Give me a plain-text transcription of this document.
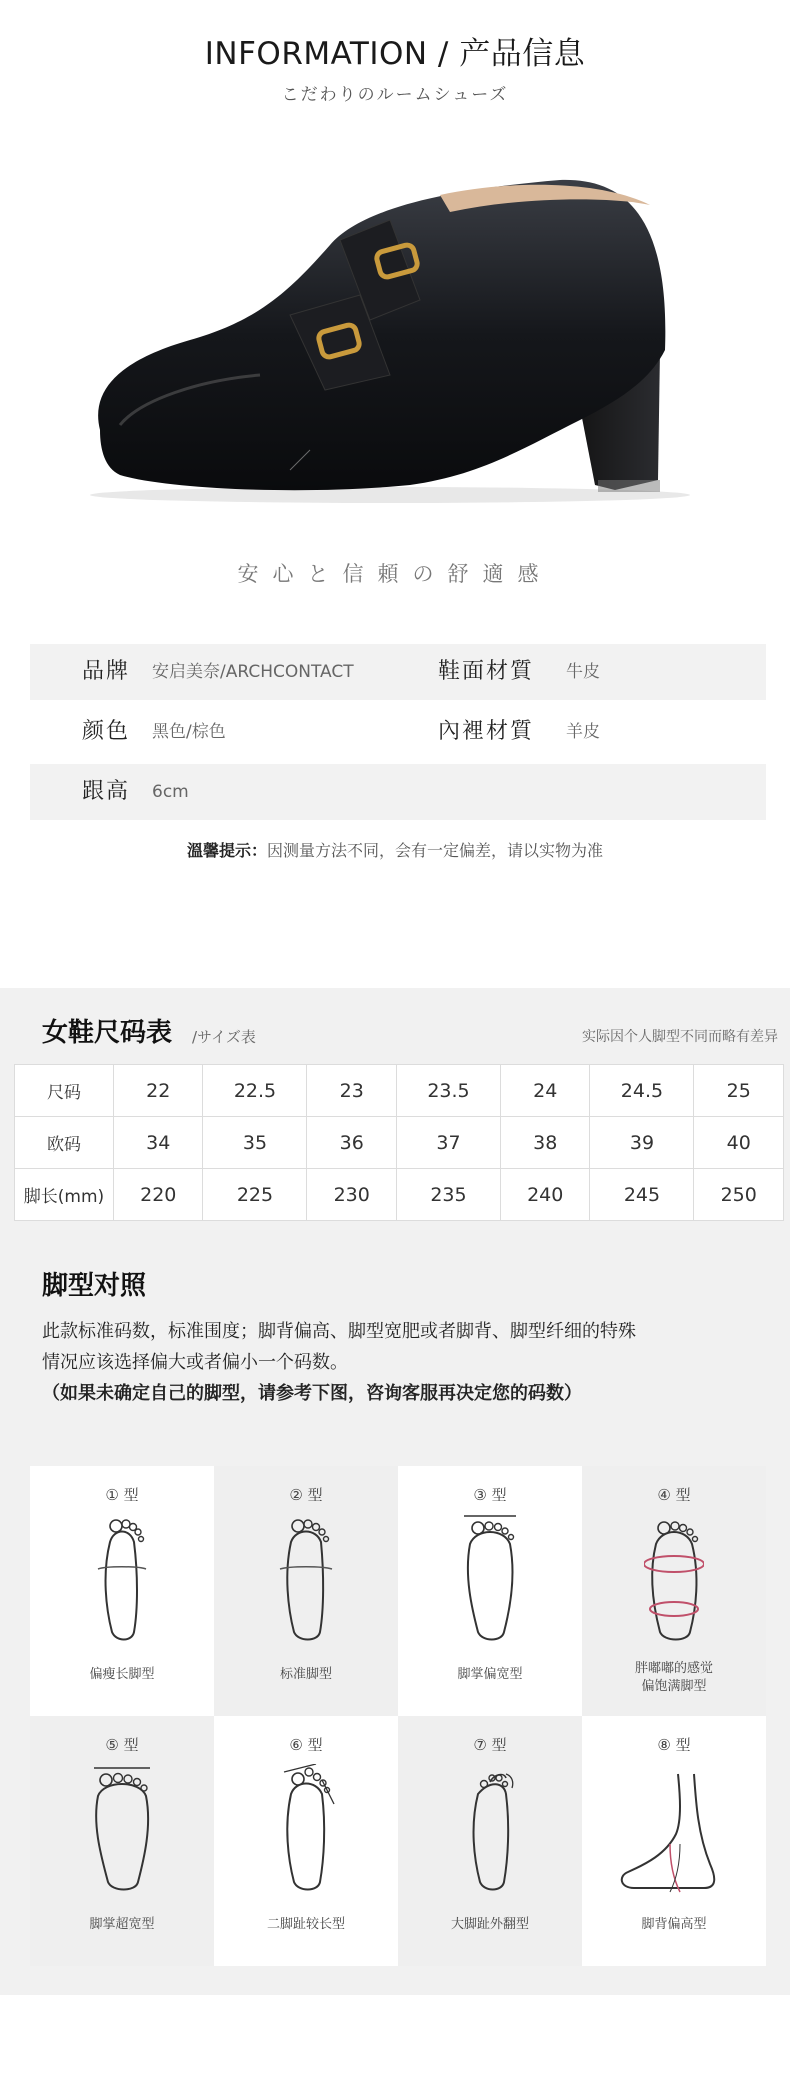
INFORMATION / 产品信息
こだわりのルームシューズ
安心と信頼の舒適感
品牌 安启美奈/ARCHCONTACT	鞋面材質 牛皮
颜色 黑色/棕色	內裡材質 羊皮
跟高 6cm
溫馨提示：因测量方法不同，会有一定偏差，请以实物为准
女鞋尺码表 /サイズ表	实际因个人脚型不同而略有差异
尺码	22	22.5	23	23.5	24	24.5	25
欧码	34	35	36	37	38	39	40
脚长(mm)	220	225	230	235	240	245	250
脚型对照
此款标准码数，标准围度；脚背偏高、脚型宽肥或者脚背、脚型纤细的特殊
情况应该选择偏大或者偏小一个码数。
（如果未确定自己的脚型，请参考下图，咨询客服再决定您的码数）
① 型
偏瘦长脚型
② 型
标准脚型
③ 型
脚掌偏宽型
④ 型
胖嘟嘟的感觉
偏饱满脚型
⑤ 型
脚掌超宽型
⑥ 型
二脚趾较长型
⑦ 型
大脚趾外翻型
⑧ 型
脚背偏高型
